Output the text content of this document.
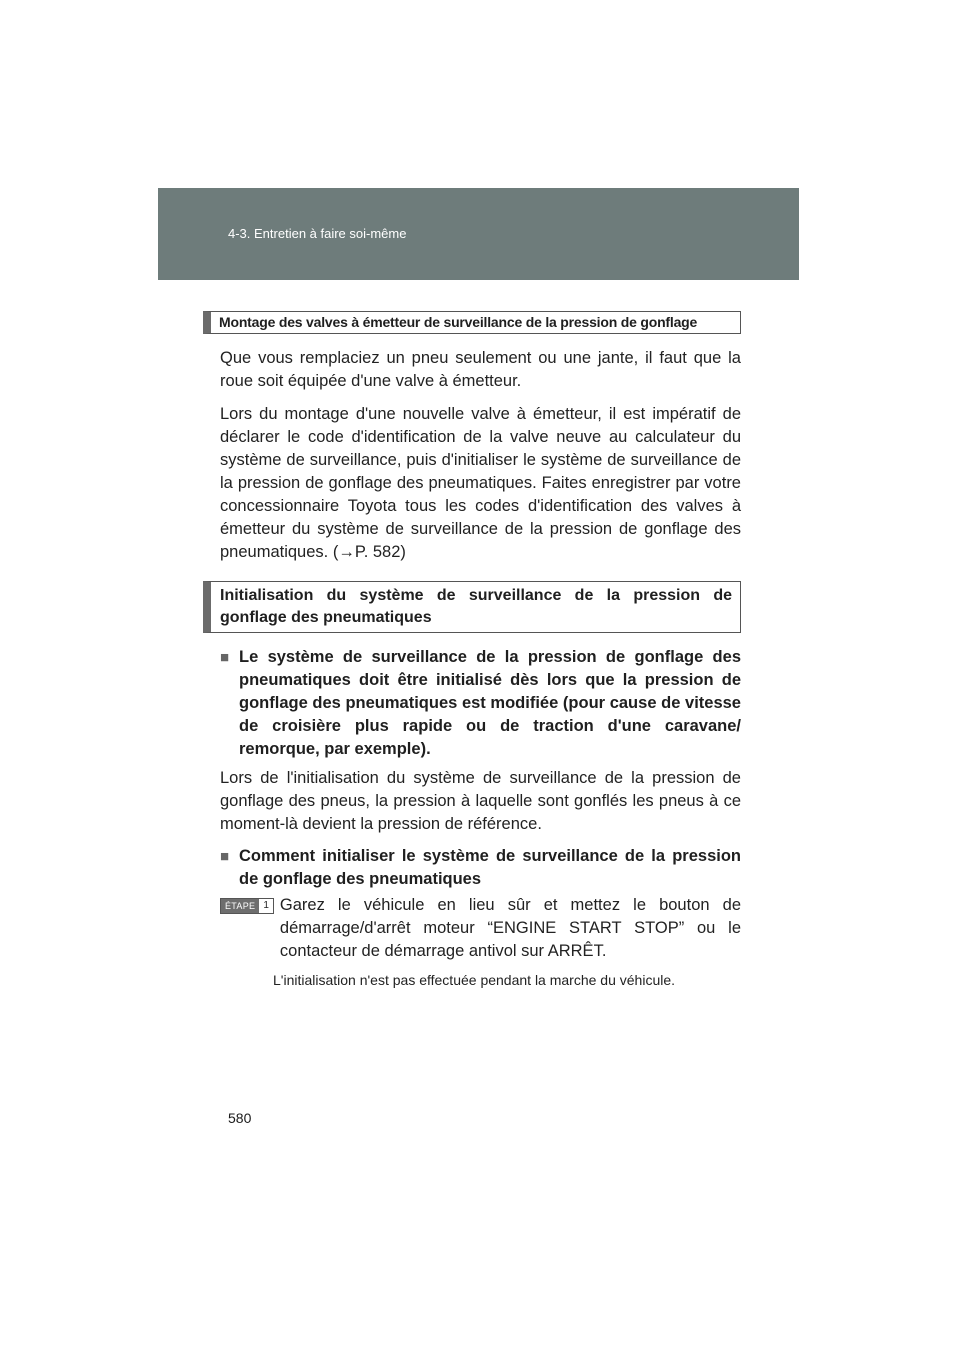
4-3. Entretien à faire soi-même
Montage des valves à émetteur de surveillance de la pression de gonflage

Que vous remplaciez un pneu seulement ou une jante, il faut que la roue soit équipée d'une valve à émetteur.

Lors du montage d'une nouvelle valve à émetteur, il est impératif de déclarer le code d'identification de la valve neuve au calculateur du système de surveillance, puis d'initialiser le système de surveillance de la pression de gonflage des pneumatiques. Faites enregistrer par votre concessionnaire Toyota tous les codes d'identification des valves à émetteur du système de surveillance de la pression de gonflage des pneumatiques. (→P. 582)

Initialisation du système de surveillance de la pression de gonflage des pneumatiques
■ Le système de surveillance de la pression de gonflage des pneumatiques doit être initialisé dès lors que la pression de gonflage des pneumatiques est modifiée (pour cause de vitesse de croisière plus rapide ou de traction d'une caravane/ remorque, par exemple).

Lors de l'initialisation du système de surveillance de la pression de gonflage des pneus, la pression à laquelle sont gonflés les pneus à ce moment-là devient la pression de référence.

■ Comment initialiser le système de surveillance de la pression de gonflage des pneumatiques
ÉTAPE 1 Garez le véhicule en lieu sûr et mettez le bouton de démarrage/d'arrêt moteur “ENGINE START STOP” ou le contacteur de démarrage antivol sur ARRÊT.

L'initialisation n'est pas effectuée pendant la marche du véhicule.

580
